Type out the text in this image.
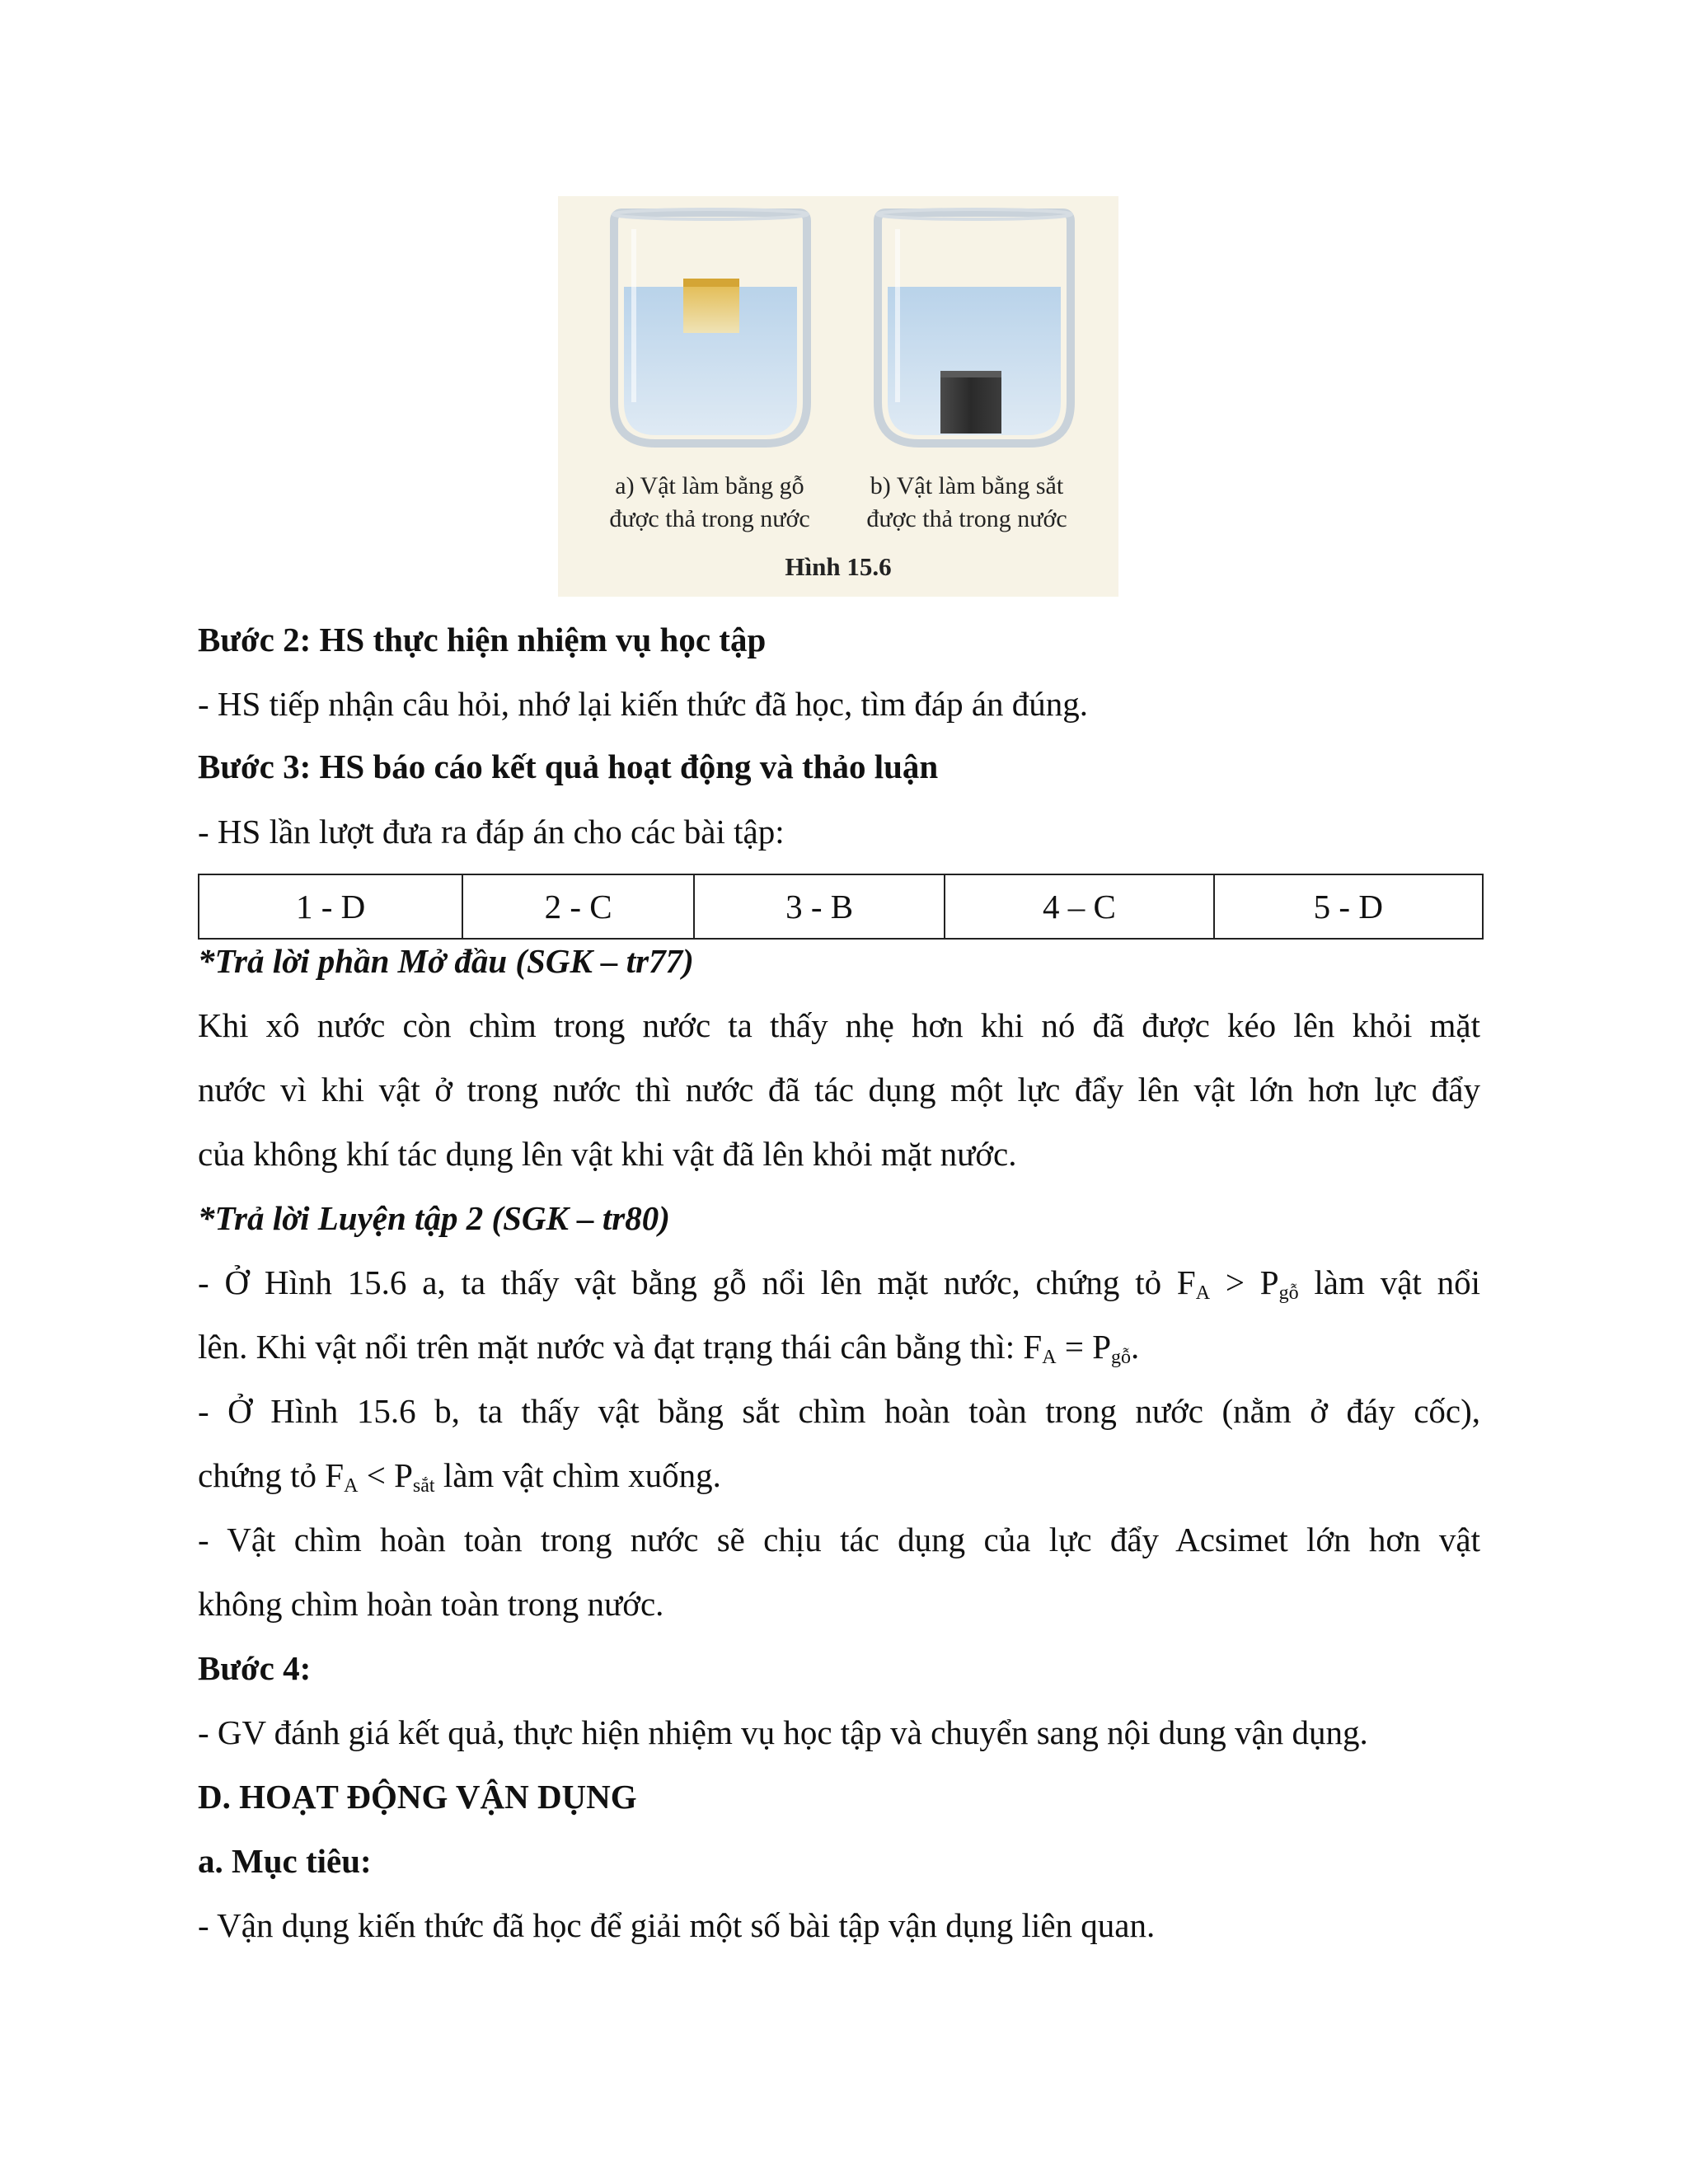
a) Vật làm bằng gỗ
được thả trong nước
b) Vật làm bằng sắt
được thả trong nước
Hình 15.6
Bước 2: HS thực hiện nhiệm vụ học tập
- HS tiếp nhận câu hỏi, nhớ lại kiến thức đã học, tìm đáp án đúng.
Bước 3: HS báo cáo kết quả hoạt động và thảo luận
- HS lần lượt đưa ra đáp án cho các bài tập:
1 - D	2 - C	3 - B	4 – C	5 - D
*Trả lời phần Mở đầu (SGK – tr77)
Khi xô nước còn chìm trong nước ta thấy nhẹ hơn khi nó đã được kéo lên khỏi mặt
nước vì khi vật ở trong nước thì nước đã tác dụng một lực đẩy lên vật lớn hơn lực đẩy
của không khí tác dụng lên vật khi vật đã lên khỏi mặt nước.
*Trả lời Luyện tập 2 (SGK – tr80)
- Ở Hình 15.6 a, ta thấy vật bằng gỗ nổi lên mặt nước, chứng tỏ $F_A > P_{gỗ}$ làm vật nổi
lên. Khi vật nổi trên mặt nước và đạt trạng thái cân bằng thì: $F_A = P_{gỗ}$.
- Ở Hình 15.6 b, ta thấy vật bằng sắt chìm hoàn toàn trong nước (nằm ở đáy cốc),
chứng tỏ $F_A < P_{sắt}$ làm vật chìm xuống.
- Vật chìm hoàn toàn trong nước sẽ chịu tác dụng của lực đẩy Acsimet lớn hơn vật
không chìm hoàn toàn trong nước.
Bước 4:
- GV đánh giá kết quả, thực hiện nhiệm vụ học tập và chuyển sang nội dung vận dụng.
D. HOẠT ĐỘNG VẬN DỤNG
a. Mục tiêu:
- Vận dụng kiến thức đã học để giải một số bài tập vận dụng liên quan.
